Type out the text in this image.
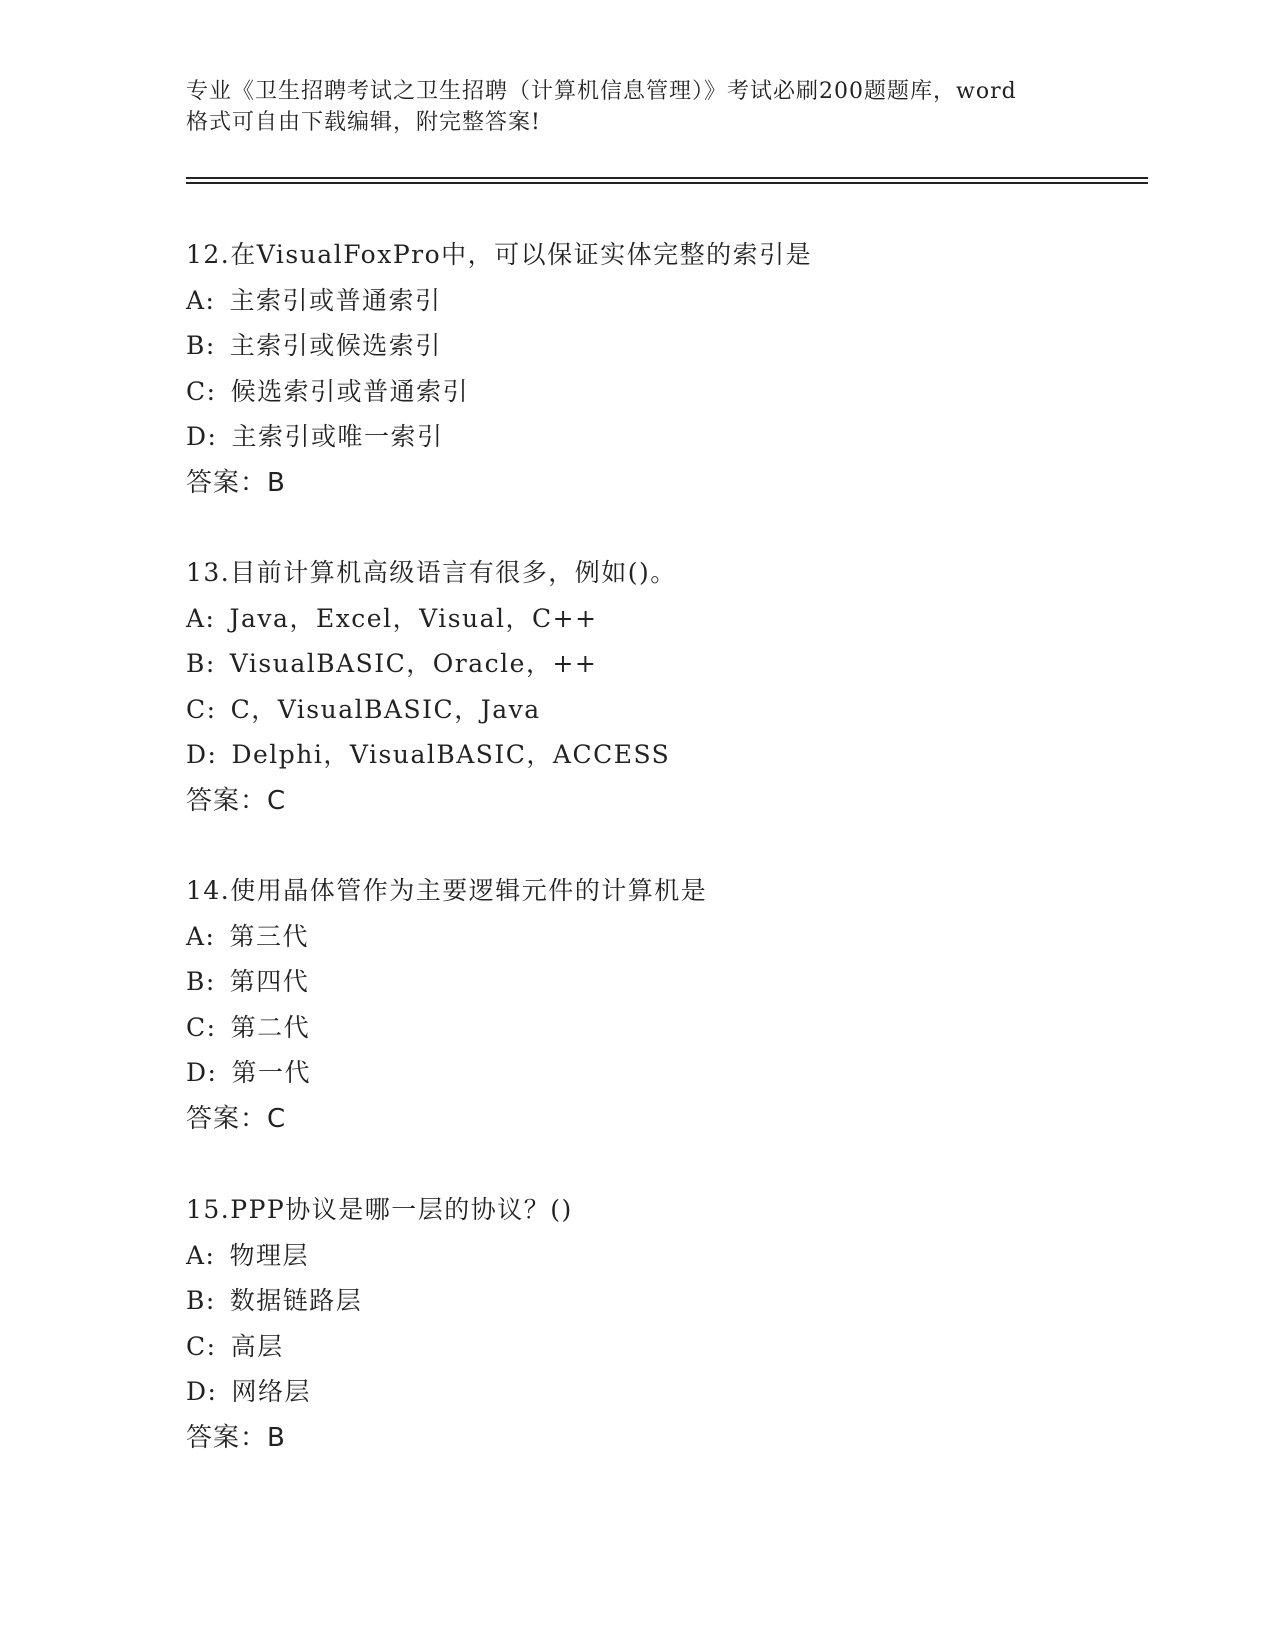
专业《卫生招聘考试之卫生招聘（计算机信息管理）》考试必刷200题题库，word
格式可自由下载编辑，附完整答案!
12.在VisualFoxPro中，可以保证实体完整的索引是
A: 主索引或普通索引
B: 主索引或候选索引
C: 候选索引或普通索引
D: 主索引或唯一索引
答案：B
13.目前计算机高级语言有很多，例如()。
A: Java，Excel，Visual，C++
B: VisualBASIC，Oracle，++
C: C，VisualBASIC，Java
D: Delphi，VisualBASIC，ACCESS
答案：C
14.使用晶体管作为主要逻辑元件的计算机是
A: 第三代
B: 第四代
C: 第二代
D: 第一代
答案：C
15.PPP协议是哪一层的协议？()
A: 物理层
B: 数据链路层
C: 高层
D: 网络层
答案：B
